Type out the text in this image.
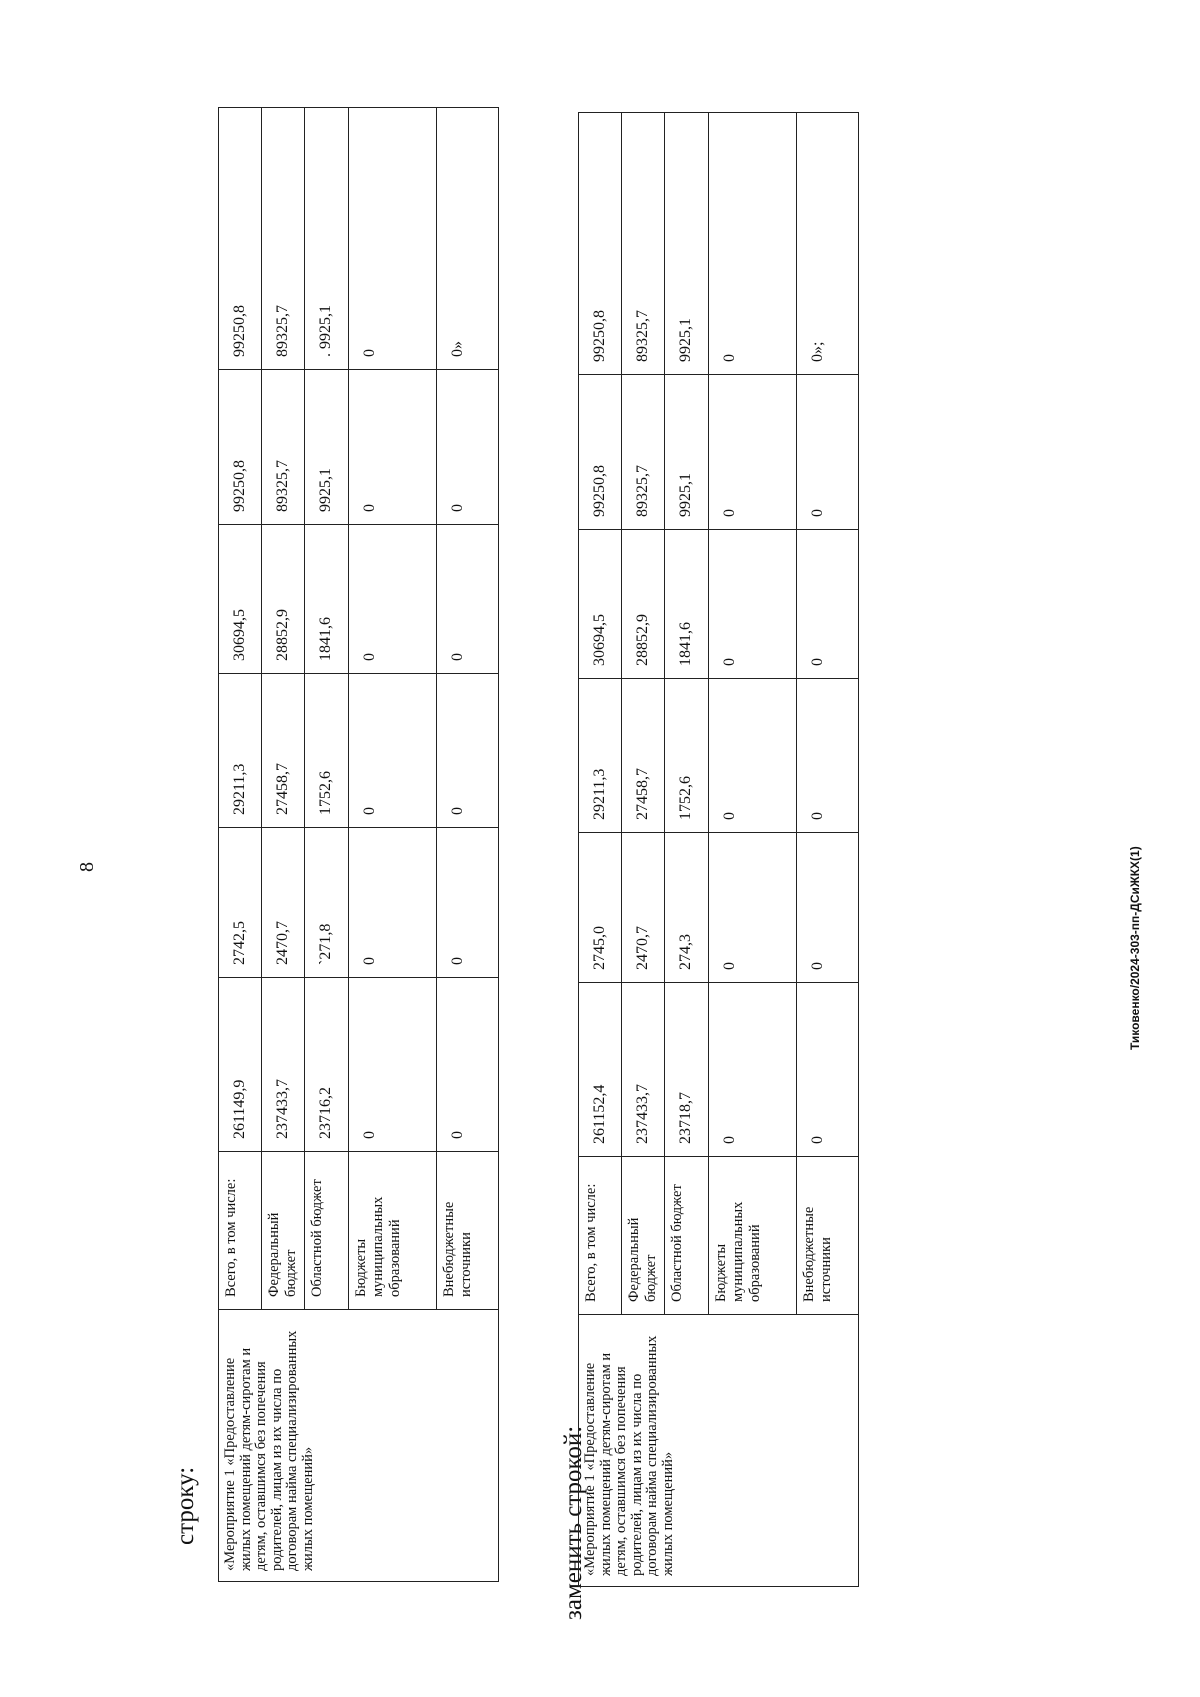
8
строку: «Мероприятие 1 «Предоставление жилых помещений детям-сиротам и детям, оставшимся без попечения родителей, лицам из их числа по договорам найма специализированных жилых помещений»	Всего, в том числе:	261149,9	2742,5	29211,3	30694,5	99250,8	99250,8
	Федеральный бюджет	237433,7	2470,7	27458,7	28852,9	89325,7	89325,7
	Областной бюджет	23716,2	`271,8	1752,6	1841,6	9925,1	. 9925,1
	Бюджеты муниципальных образований	0	0	0	0	0	0
	Внебюджетные источники	0	0	0	0	0	0»
заменить строкой:
«Мероприятие 1 «Предоставление жилых помещений детям-сиротам и детям, оставшимся без попечения родителей, лицам из их числа по договорам найма специализированных жилых помещений»	Всего, в том числе:	261152,4	2745,0	29211,3	30694,5	99250,8	99250,8
	Федеральный бюджет	237433,7	2470,7	27458,7	28852,9	89325,7	89325,7
	Областной бюджет	23718,7	274,3	1752,6	1841,6	9925,1	9925,1
	Бюджеты муниципальных образований	0	0	0	0	0	0
	Внебюджетные источники	0	0	0	0	0	0»;
Тиковенко/2024-303-пп-ДСиЖКХ(1)
